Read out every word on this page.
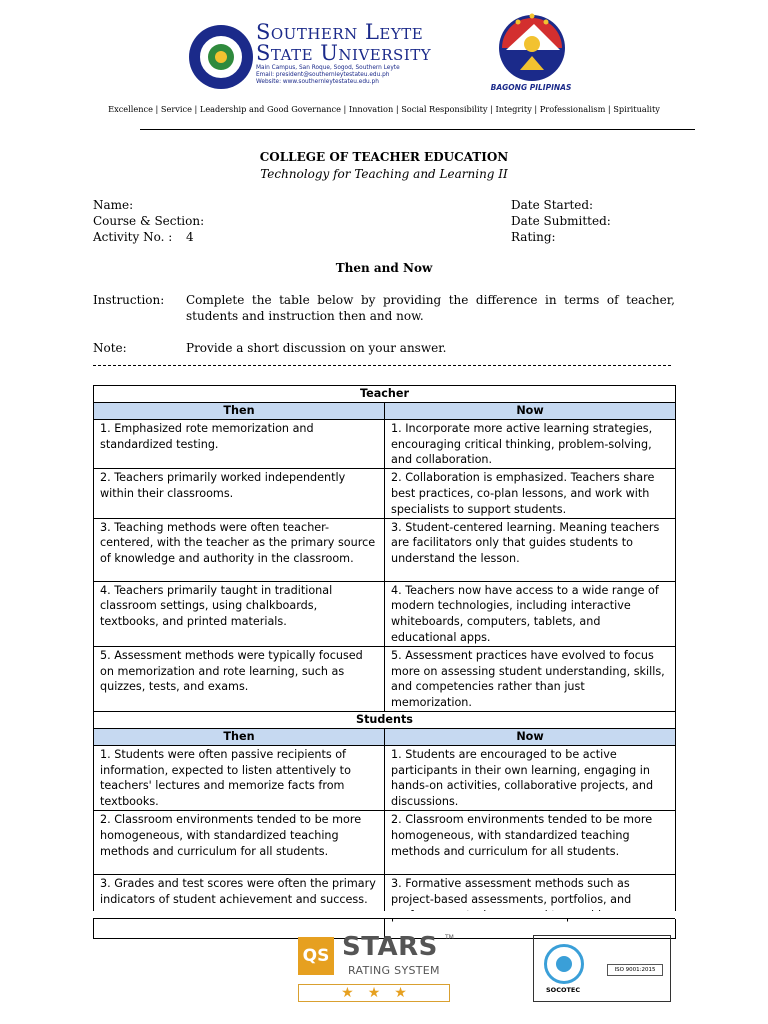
Southern Leyte
State University
Main Campus, San Roque, Sogod, Southern Leyte
Email: president@southernleytestateu.edu.ph
Website: www.southernleytestateu.edu.ph
BAGONG PILIPINAS
Excellence | Service | Leadership and Good Governance | Innovation | Social Responsibility | Integrity | Professionalism | Spirituality
COLLEGE OF TEACHER EDUCATION
Technology for Teaching and Learning II
Name:
Course & Section:
Activity No. : 4
Date Started:
Date Submitted:
Rating:
Then and Now
Instruction: Complete the table below by providing the difference in terms of teacher, students and instruction then and now.
Note:	Provide a short discussion on your answer.
Teacher	
Then	Now
1. Emphasized rote memorization and standardized testing.	1. Incorporate more active learning strategies, encouraging critical thinking, problem-solving, and collaboration.
2. Teachers primarily worked independently within their classrooms.	2. Collaboration is emphasized. Teachers share best practices, co-plan lessons, and work with specialists to support students.
3. Teaching methods were often teacher-centered, with the teacher as the primary source of knowledge and authority in the classroom.	3. Student-centered learning. Meaning teachers are facilitators only that guides students to understand the lesson.
4. Teachers primarily taught in traditional classroom settings, using chalkboards, textbooks, and printed materials.	4. Teachers now have access to a wide range of modern technologies, including interactive whiteboards, computers, tablets, and educational apps.
5. Assessment methods were typically focused on memorization and rote learning, such as quizzes, tests, and exams.	5. Assessment practices have evolved to focus more on assessing student understanding, skills, and competencies rather than just memorization.
Students	
Then	Now
1. Students were often passive recipients of information, expected to listen attentively to teachers' lectures and memorize facts from textbooks.	1. Students are encouraged to be active participants in their own learning, engaging in hands-on activities, collaborative projects, and discussions.
2. Classroom environments tended to be more homogeneous, with standardized teaching methods and curriculum for all students.	2. Classroom environments tended to be more homogeneous, with standardized teaching methods and curriculum for all students.
3. Grades and test scores were often the primary indicators of student achievement and success.	3. Formative assessment methods such as project-based assessments, portfolios, and
QS STARS TM
RATING SYSTEM
★★★	SOCOTEC
ISO 9001:2015
